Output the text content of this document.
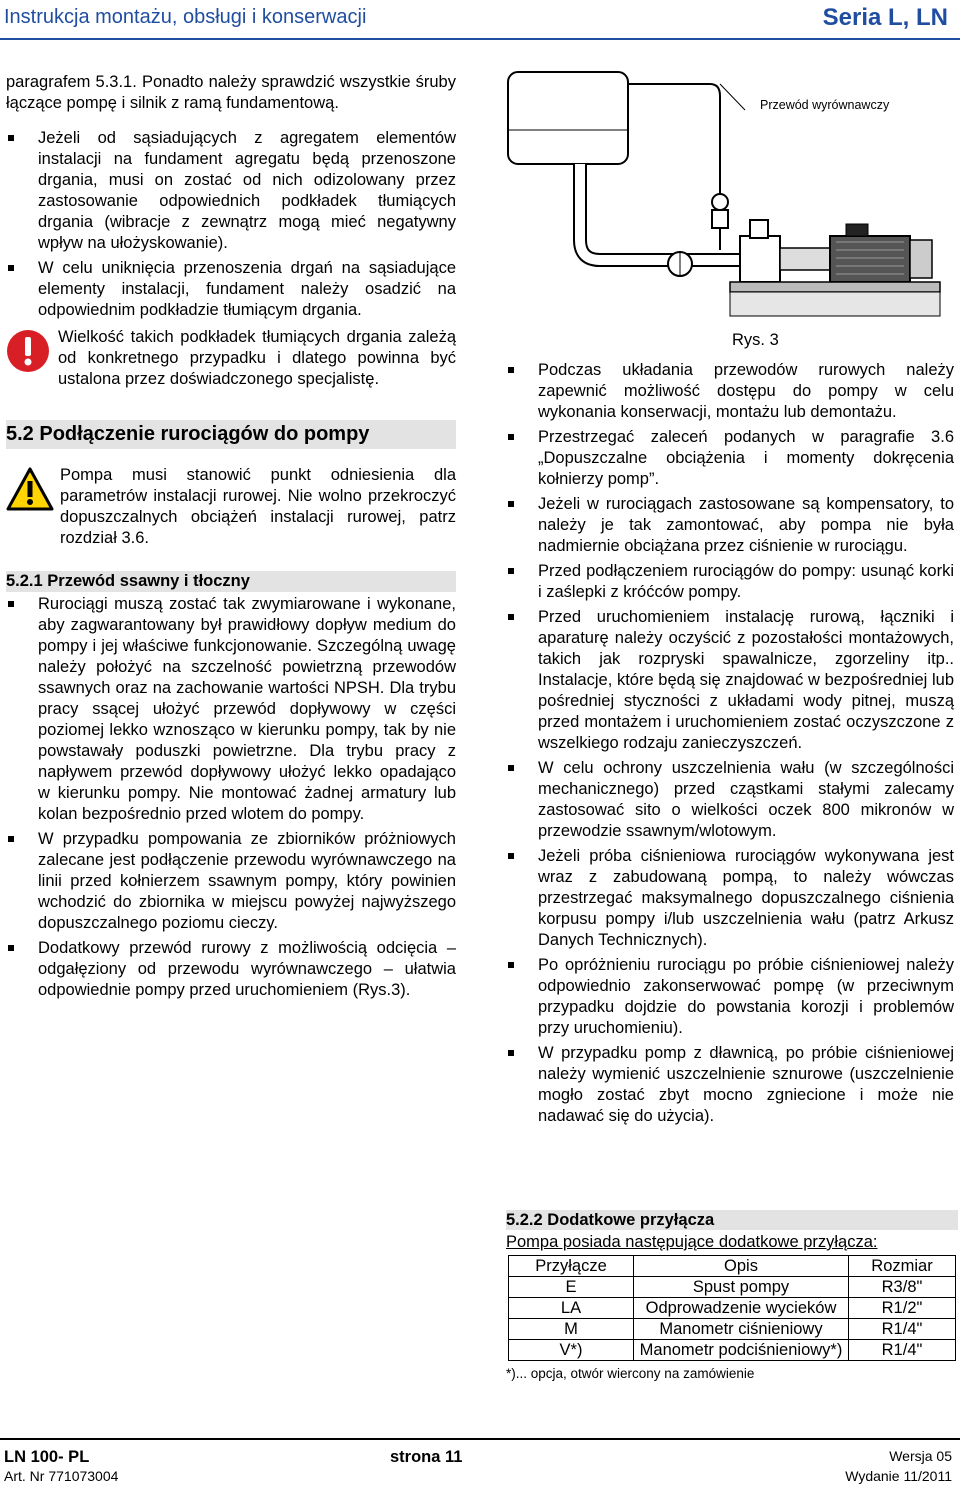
Instrukcja montażu, obsługi i konserwacji	Seria L, LN

paragrafem 5.3.1. Ponadto należy sprawdzić wszystkie śruby łączące pompę i silnik z ramą fundamentową.

Jeżeli od sąsiadujących z agregatem elementów instalacji na fundament agregatu będą przenoszone drgania, musi on zostać od nich odizolowany przez zastosowanie odpowiednich podkładek tłumiących drgania (wibracje z zewnątrz mogą mieć negatywny wpływ na ułożyskowanie).
W celu uniknięcia przenoszenia drgań na sąsiadujące elementy instalacji, fundament należy osadzić na odpowiednim podkładzie tłumiącym drgania.
Wielkość takich podkładek tłumiących drgania zależą od konkretnego przypadku i dlatego powinna być ustalona przez doświadczonego specjalistę.
5.2 Podłączenie rurociągów do pompy
Pompa musi stanowić punkt odniesienia dla parametrów instalacji rurowej. Nie wolno przekroczyć dopuszczalnych obciążeń instalacji rurowej, patrz rozdział 3.6.
5.2.1 Przewód ssawny i tłoczny
Rurociągi muszą zostać tak zwymiarowane i wykonane, aby zagwarantowany był prawidłowy dopływ medium do pompy i jej właściwe funkcjonowanie. Szczególną uwagę należy położyć na szczelność powietrzną przewodów ssawnych oraz na zachowanie wartości NPSH. Dla trybu pracy ssącej ułożyć przewód dopływowy w części poziomej lekko wznosząco w kierunku pompy, tak by nie powstawały poduszki powietrzne. Dla trybu pracy z napływem przewód dopływowy ułożyć lekko opadająco w kierunku pompy. Nie montować żadnej armatury lub kolan bezpośrednio przed wlotem do pompy.
W przypadku pompowania ze zbiorników próżniowych zalecane jest podłączenie przewodu wyrównawczego na linii przed kołnierzem ssawnym pompy, który powinien wchodzić do zbiornika w miejscu powyżej najwyższego dopuszczalnego poziomu cieczy.
Dodatkowy przewód rurowy z możliwością odcięcia – odgałęziony od przewodu wyrównawczego – ułatwia odpowiednie pompy przed uruchomieniem (Rys.3).
Przewód wyrównawczy
Rys. 3
Podczas układania przewodów rurowych należy zapewnić możliwość dostępu do pompy w celu wykonania konserwacji, montażu lub demontażu.
Przestrzegać zaleceń podanych w paragrafie 3.6 „Dopuszczalne obciążenia i momenty dokręcenia kołnierzy pomp”.
Jeżeli w rurociągach zastosowane są kompensatory, to należy je tak zamontować, aby pompa nie była nadmiernie obciążana przez ciśnienie w rurociągu.
Przed podłączeniem rurociągów do pompy: usunąć korki i zaślepki z króćców pompy.
Przed uruchomieniem instalację rurową, łączniki i aparaturę należy oczyścić z pozostałości montażowych, takich jak rozpryski spawalnicze, zgorzeliny itp.. Instalacje, które będą się znajdować w bezpośredniej lub pośredniej styczności z układami wody pitnej, muszą przed montażem i uruchomieniem zostać oczyszczone z wszelkiego rodzaju zanieczyszczeń.
W celu ochrony uszczelnienia wału (w szczególności mechanicznego) przed cząstkami stałymi zalecamy zastosować sito o wielkości oczek 800 mikronów w przewodzie ssawnym/wlotowym.
Jeżeli próba ciśnieniowa rurociągów wykonywana jest wraz z zabudowaną pompą, to należy wówczas przestrzegać maksymalnego dopuszczalnego ciśnienia korpusu pompy i/lub uszczelnienia wału (patrz Arkusz Danych Technicznych).
Po opróżnieniu rurociągu po próbie ciśnieniowej należy odpowiednio zakonserwować pompę (w przeciwnym przypadku dojdzie do powstania korozji i problemów przy uruchomieniu).
W przypadku pomp z dławnicą, po próbie ciśnieniowej należy wymienić uszczelnienie sznurowe (uszczelnienie mogło zostać zbyt mocno zgniecione i może nie nadawać się do użycia).
5.2.2 Dodatkowe przyłącza
Pompa posiada następujące dodatkowe przyłącza:
Przyłącze	Opis	Rozmiar
E	Spust pompy	R3/8"
LA	Odprowadzenie wycieków	R1/2"
M	Manometr ciśnieniowy	R1/4"
V*)	Manometr podciśnieniowy*)	R1/4"
*)... opcja, otwór wiercony na zamówienie
LN 100- PL	strona 11	Wersja 05
Art. Nr 771073004	Wydanie 11/2011
